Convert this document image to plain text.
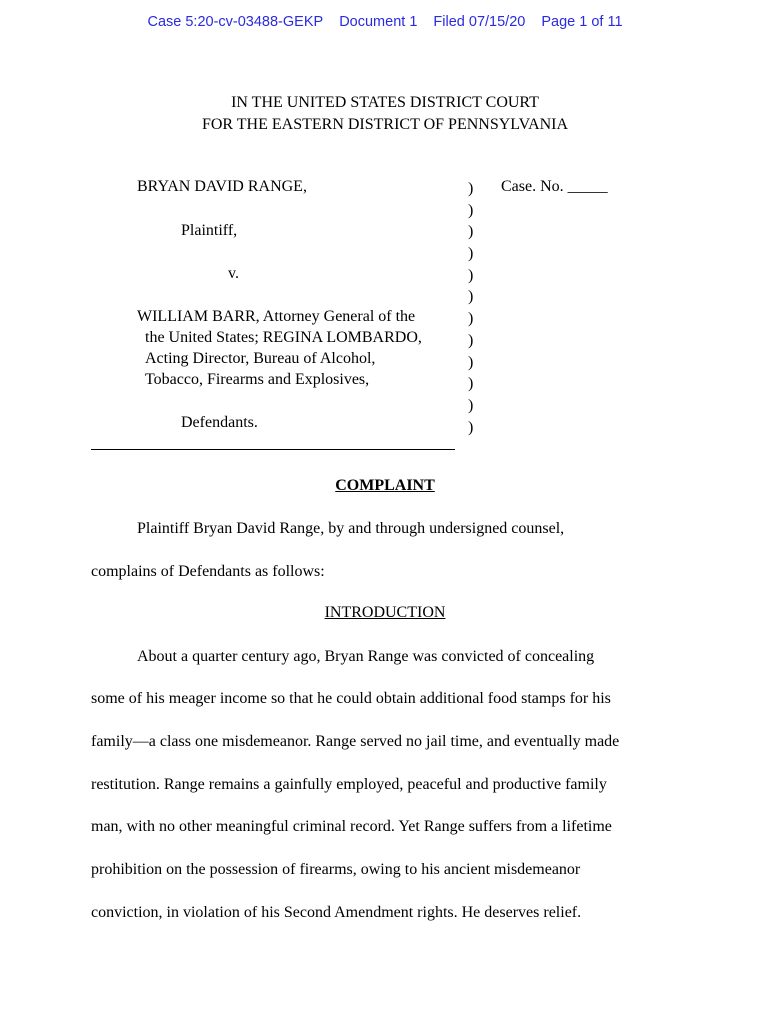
Case 5:20-cv-03488-GEKP Document 1 Filed 07/15/20 Page 1 of 11
IN THE UNITED STATES DISTRICT COURT
FOR THE EASTERN DISTRICT OF PENNSYLVANIA
BRYAN DAVID RANGE,
Plaintiff,
v.
WILLIAM BARR, Attorney General of the
the United States; REGINA LOMBARDO,
Acting Director, Bureau of Alcohol,
Tobacco, Firearms and Explosives,
Defendants.
)
)
)
)
)
)
)
)
)
)
)
)
Case. No. _____
COMPLAINT
Plaintiff Bryan David Range, by and through undersigned counsel,
complains of Defendants as follows:
INTRODUCTION
About a quarter century ago, Bryan Range was convicted of concealing
some of his meager income so that he could obtain additional food stamps for his
family—a class one misdemeanor. Range served no jail time, and eventually made
restitution. Range remains a gainfully employed, peaceful and productive family
man, with no other meaningful criminal record. Yet Range suffers from a lifetime
prohibition on the possession of firearms, owing to his ancient misdemeanor
conviction, in violation of his Second Amendment rights. He deserves relief.
